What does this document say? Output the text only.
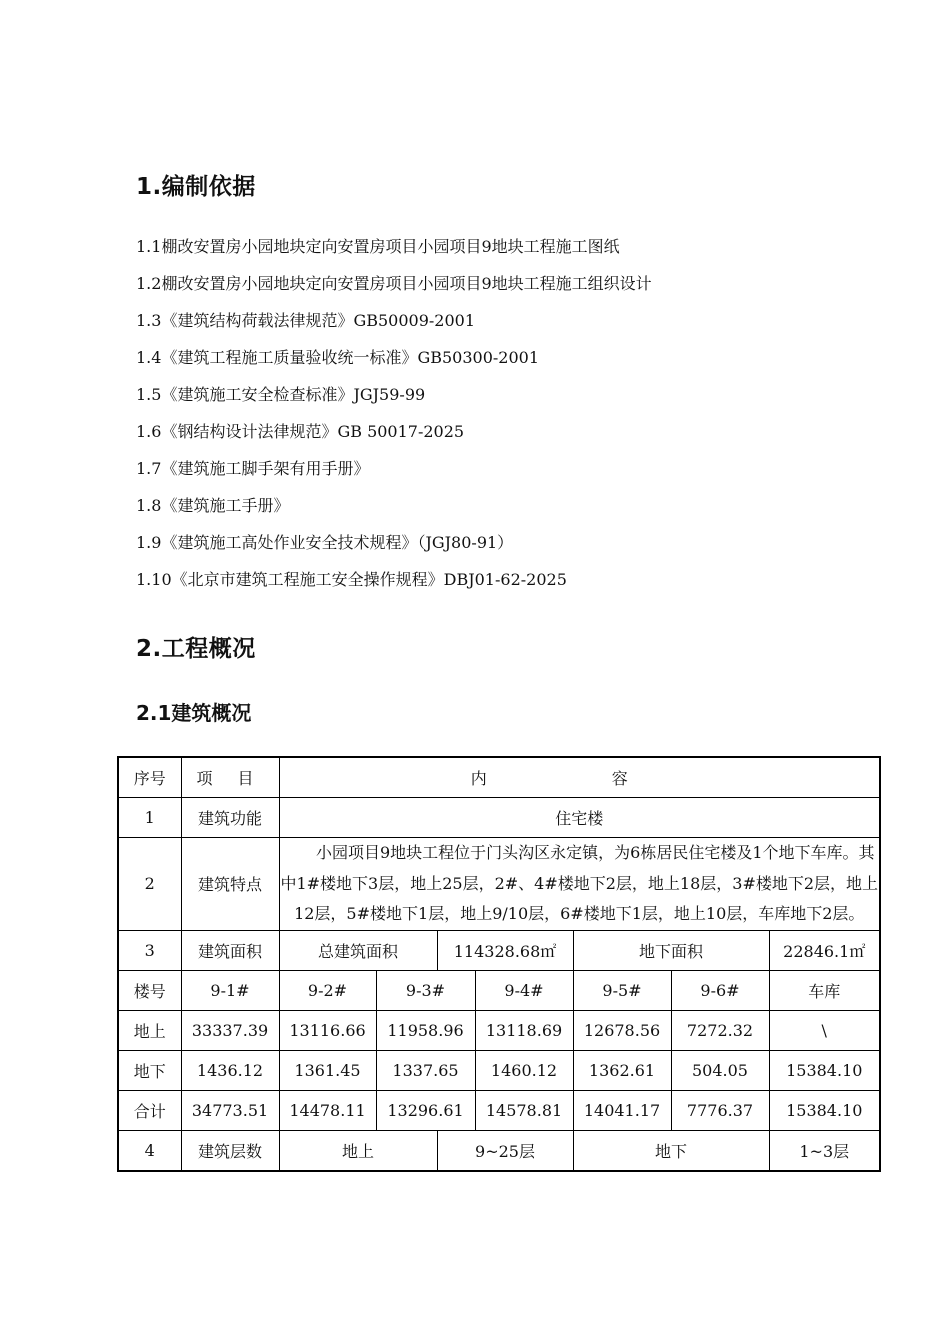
1.编制依据
1.1棚改安置房小园地块定向安置房项目小园项目9地块工程施工图纸
1.2棚改安置房小园地块定向安置房项目小园项目9地块工程施工组织设计
1.3《建筑结构荷载法律规范》GB50009-2001
1.4《建筑工程施工质量验收统一标准》GB50300-2001
1.5《建筑施工安全检查标准》JGJ59-99
1.6《钢结构设计法律规范》GB 50017-2025
1.7《建筑施工脚手架有用手册》
1.8《建筑施工手册》
1.9《建筑施工高处作业安全技术规程》（JGJ80-91）
1.10《北京市建筑工程施工安全操作规程》DBJ01-62-2025
2.工程概况
2.1建筑概况
序号	项 目	内 容						
1	建筑功能	住宅楼						
2	建筑特点	小园项目9地块工程位于门头沟区永定镇，为6栋居民住宅楼及1个地下车库。其中1#楼地下3层，地上25层，2#、4#楼地下2层，地上18层，3#楼地下2层，地上12层，5#楼地下1层，地上9/10层，6#楼地下1层，地上10层，车库地下2层。						

3	建筑面积	总建筑面积		114328.68㎡		地下面积		22846.1㎡
楼号	9-1#	9-2#	9-3#		9-4#	9-5#	9-6#	车库
地上	33337.39	13116.66	11958.96		13118.69	12678.56	7272.32	\
地下	1436.12	1361.45	1337.65		1460.12	1362.61	504.05	15384.10
合计	34773.51	14478.11	13296.61		14578.81	14041.17	7776.37	15384.10
4	建筑层数	地上		9~25层		地下		1~3层
